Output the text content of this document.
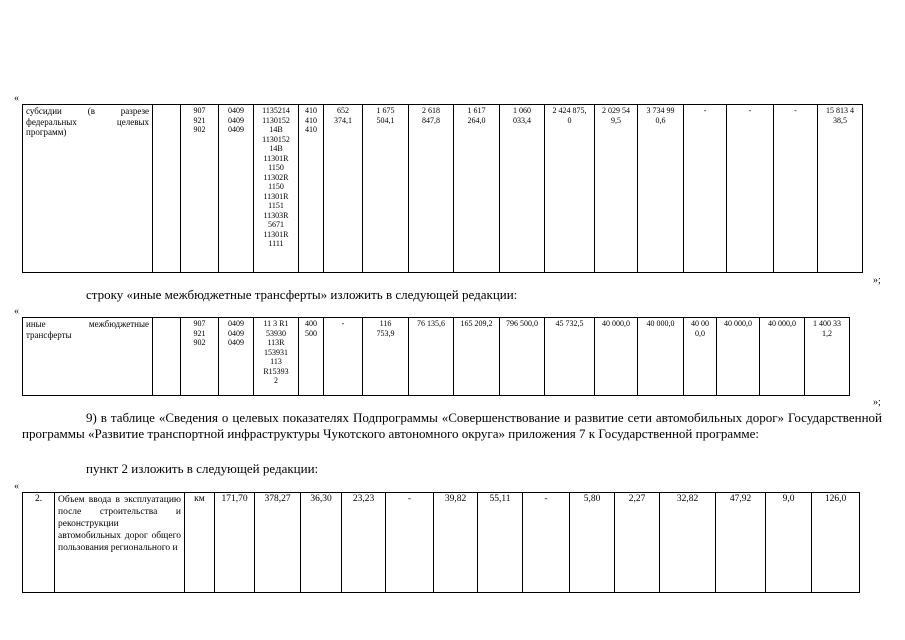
«
субсидии (в разрезе федеральных целевых программ)		907
921
902	0409
0409
0409	1135214
1130152
14В
1130152
14В
11301R
1150
11302R
1150
11301R
1151
11303R
5671
11301R
1111	410
410
410	652
374,1	1 675
504,1	2 618
847,8	1 617
264,0	1 060
033,4	2 424 875,
0	2 029 54
9,5	3 734 99
0,6	-	-	-	15 813 4
38,5
»;
строку «иные межбюджетные трансферты» изложить в следующей редакции:
«
иные межбюджетные трансферты		907
921
902	0409
0409
0409	11 3 R1
53930
113R
153931
113
R15393
2	400
500	-	116
753,9	76 135,6	165 209,2	796 500,0	45 732,5	40 000,0	40 000,0	40 00
0,0	40 000,0	40 000,0	1 400 33
1,2
»;
9) в таблице «Сведения о целевых показателях Подпрограммы «Совершенствование и развитие сети автомобильных дорог» Государственной программы «Развитие транспортной инфраструктуры Чукотского автономного округа» приложения 7 к Государственной программе:
пункт 2 изложить в следующей редакции:
«
2.	Объем ввода в эксплуатацию после строительства и реконструкции автомобильных дорог общего пользования регионального и	км	171,70	378,27	36,30	23,23	-	39,82	55,11	-	5,80	2,27	32,82	47,92	9,0	126,0
